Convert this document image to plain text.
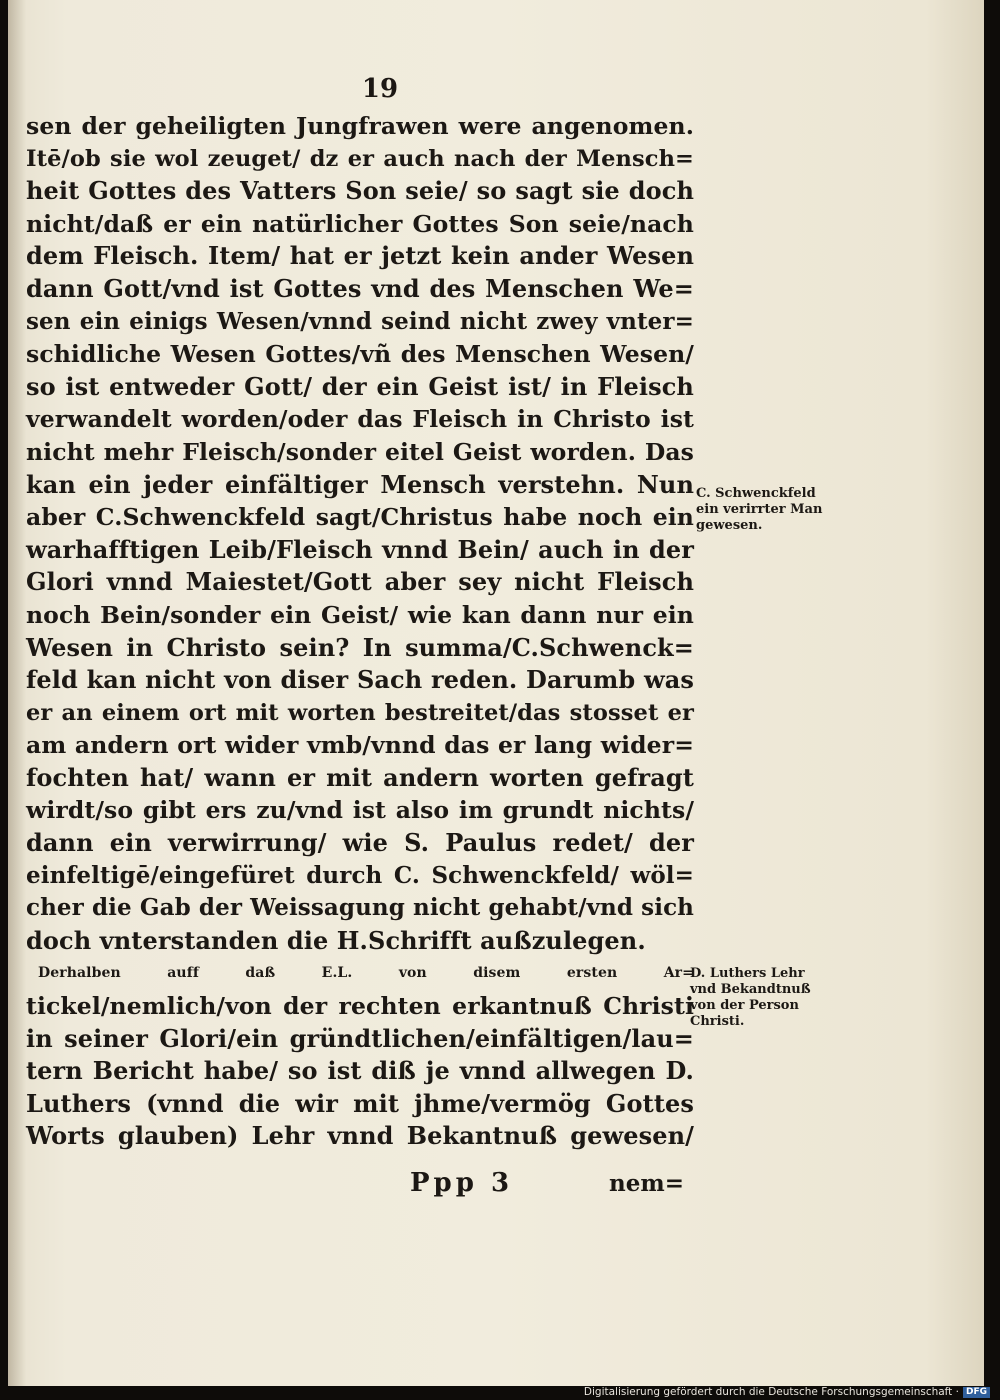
19
sen der geheiligten Jungfrawen were angenomen.
Itē/ob sie wol zeuget/ dz er auch nach der Mensch=
heit Gottes des Vatters Son seie/ so sagt sie doch
nicht/daß er ein natürlicher Gottes Son seie/nach
dem Fleisch. Item/ hat er jetzt kein ander Wesen
dann Gott/vnd ist Gottes vnd des Menschen We=
sen ein einigs Wesen/vnnd seind nicht zwey vnter=
schidliche Wesen Gottes/vñ des Menschen Wesen/
so ist entweder Gott/ der ein Geist ist/ in Fleisch
verwandelt worden/oder das Fleisch in Christo ist
nicht mehr Fleisch/sonder eitel Geist worden. Das
kan ein jeder einfältiger Mensch verstehn. Nun
aber C.Schwenckfeld sagt/Christus habe noch ein
warhafftigen Leib/Fleisch vnnd Bein/ auch in der
Glori vnnd Maiestet/Gott aber sey nicht Fleisch
noch Bein/sonder ein Geist/ wie kan dann nur ein
Wesen in Christo sein? In summa/C.Schwenck=
feld kan nicht von diser Sach reden. Darumb was
er an einem ort mit worten bestreitet/das stosset er
am andern ort wider vmb/vnnd das er lang wider=
fochten hat/ wann er mit andern worten gefragt
wirdt/so gibt ers zu/vnd ist also im grundt nichts/
dann ein verwirrung/ wie S. Paulus redet/ der
einfeltigē/eingefüret durch C. Schwenckfeld/ wöl=
cher die Gab der Weissagung nicht gehabt/vnd sich
doch vnterstanden die H.Schrifft außzulegen.
Derhalben auff daß E.L. von disem ersten Ar=
tickel/nemlich/von der rechten erkantnuß Christi
in seiner Glori/ein gründtlichen/einfältigen/lau=
tern Bericht habe/ so ist diß je vnnd allwegen D.
Luthers (vnnd die wir mit jhme/vermög Gottes
Worts glauben) Lehr vnnd Bekantnuß gewesen/
C. Schwenckfeld
ein verirrter Man
gewesen.
D. Luthers Lehr
vnd Bekandtnuß
von der Person
Christi.
Ppp 3	nem=
Digitalisierung gefördert durch die Deutsche Forschungsgemeinschaft · DFG
